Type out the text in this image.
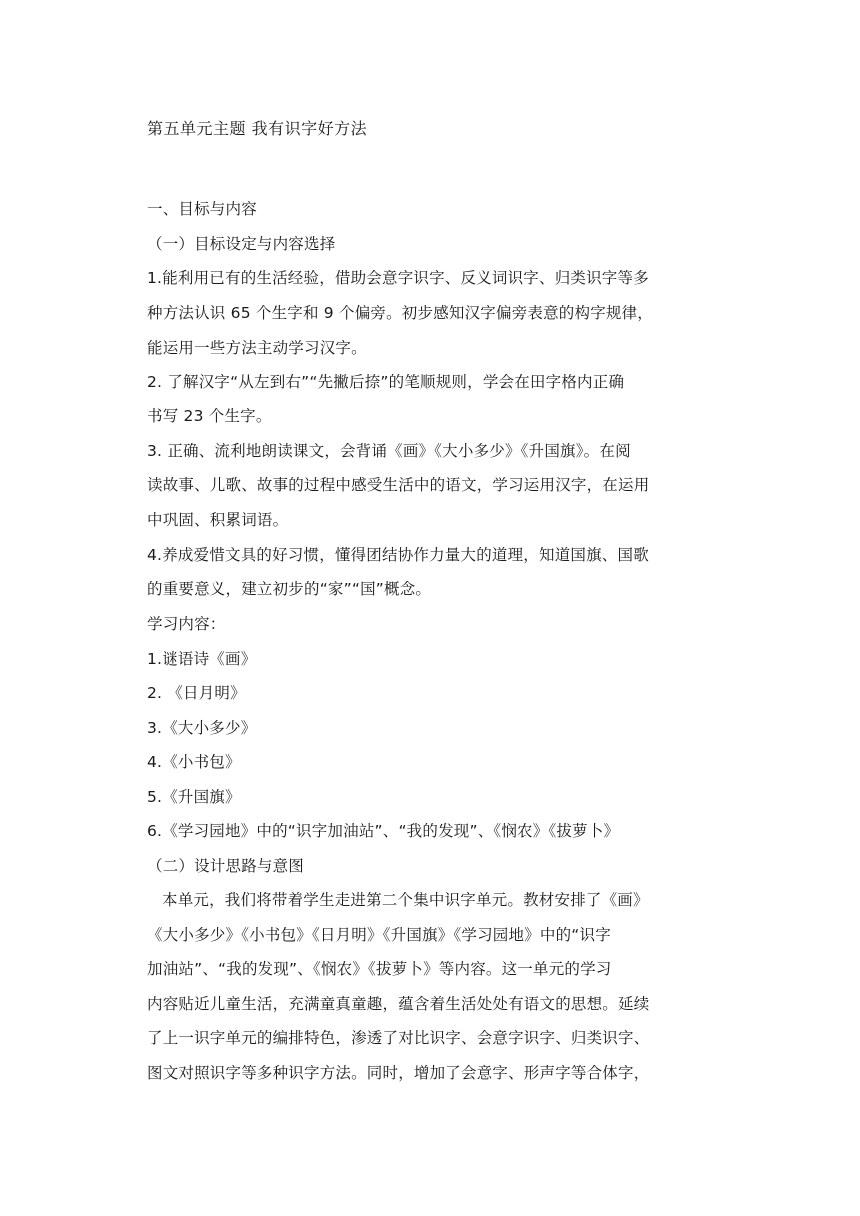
第五单元主题 我有识字好方法
一、目标与内容
（一）目标设定与内容选择
1.能利用已有的生活经验，借助会意字识字、反义词识字、归类识字等多
种方法认识 65 个生字和 9 个偏旁。初步感知汉字偏旁表意的构字规律，
能运用一些方法主动学习汉字。
2. 了解汉字“从左到右”“先撇后捺”的笔顺规则，学会在田字格内正确
书写 23 个生字。
3. 正确、流利地朗读课文，会背诵《画》《大小多少》《升国旗》。在阅
读故事、儿歌、故事的过程中感受生活中的语文，学习运用汉字，在运用
中巩固、积累词语。
4.养成爱惜文具的好习惯，懂得团结协作力量大的道理，知道国旗、国歌
的重要意义，建立初步的“家”“国”概念。
学习内容：
1.谜语诗《画》
2. 《日月明》
3.《大小多少》
4.《小书包》
5.《升国旗》
6.《学习园地》中的“识字加油站”、“我的发现”、《悯农》《拔萝卜》
（二）设计思路与意图
本单元，我们将带着学生走进第二个集中识字单元。教材安排了《画》
《大小多少》《小书包》《日月明》《升国旗》《学习园地》中的“识字
加油站”、“我的发现”、《悯农》《拔萝卜》等内容。这一单元的学习
内容贴近儿童生活，充满童真童趣，蕴含着生活处处有语文的思想。延续
了上一识字单元的编排特色，渗透了对比识字、会意字识字、归类识字、
图文对照识字等多种识字方法。同时，增加了会意字、形声字等合体字，
